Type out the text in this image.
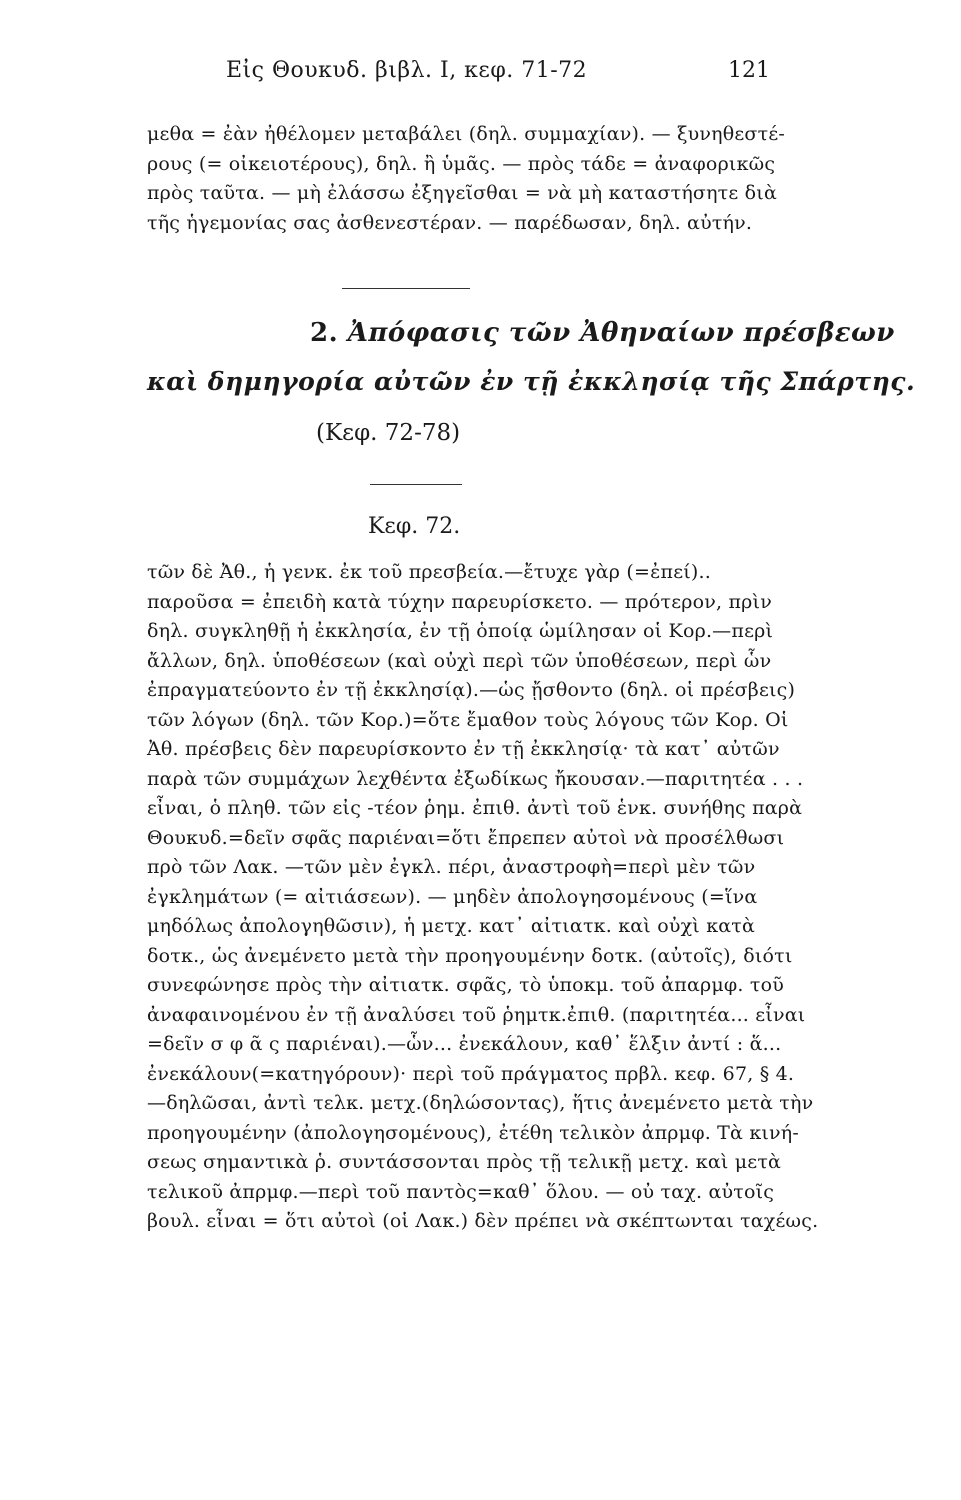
Εἰς Θουκυδ. βιβλ. I, κεφ. 71-72	121
μεθα = ἐὰν ἠθέλομεν μεταβάλει (δηλ. συμμαχίαν). — ξυνηθεστέ-
ρους (= οἰκειοτέρους), δηλ. ἢ ὑμᾶς. — πρὸς τάδε = ἀναφορικῶς
πρὸς ταῦτα. — μὴ ἐλάσσω ἐξηγεῖσθαι = νὰ μὴ καταστήσητε διὰ
τῆς ἡγεμονίας σας ἀσθενεστέραν. — παρέδωσαν, δηλ. αὐτήν.
2. Ἀπόφασις τῶν Ἀθηναίων πρέσβεων
καὶ δημηγορία αὐτῶν ἐν τῇ ἐκκλησίᾳ τῆς Σπάρτης.
(Κεφ. 72-78)
Κεφ. 72.
τῶν δὲ Ἀθ., ἡ γενκ. ἐκ τοῦ πρεσβεία.—ἔτυχε γὰρ (=ἐπεί)..
παροῦσα = ἐπειδὴ κατὰ τύχην παρευρίσκετο. — πρότερον, πρὶν
δηλ. συγκληθῇ ἡ ἐκκλησία, ἐν τῇ ὁποίᾳ ὡμίλησαν οἱ Κορ.—περὶ
ἄλλων, δηλ. ὑποθέσεων (καὶ οὐχὶ περὶ τῶν ὑποθέσεων, περὶ ὧν
ἐπραγματεύοντο ἐν τῇ ἐκκλησίᾳ).—ὡς ᾔσθοντο (δηλ. οἱ πρέσβεις)
τῶν λόγων (δηλ. τῶν Κορ.)=ὅτε ἔμαθον τοὺς λόγους τῶν Κορ. Οἱ
Ἀθ. πρέσβεις δὲν παρευρίσκοντο ἐν τῇ ἐκκλησίᾳ· τὰ κατ᾽ αὐτῶν
παρὰ τῶν συμμάχων λεχθέντα ἐξωδίκως ἤκουσαν.—παριτητέα . . .
εἶναι, ὁ πληθ. τῶν εἰς -τέον ῥημ. ἐπιθ. ἀντὶ τοῦ ἑνκ. συνήθης παρὰ
Θουκυδ.=δεῖν σφᾶς παριέναι=ὅτι ἔπρεπεν αὐτοὶ νὰ προσέλθωσι
πρὸ τῶν Λακ. —τῶν μὲν ἐγκλ. πέρι, ἀναστροφὴ=περὶ μὲν τῶν
ἐγκλημάτων (= αἰτιάσεων). — μηδὲν ἀπολογησομένους (=ἵνα
μηδόλως ἀπολογηθῶσιν), ἡ μετχ. κατ᾽ αἰτιατκ. καὶ οὐχὶ κατὰ
δοτκ., ὡς ἀνεμένετο μετὰ τὴν προηγουμένην δοτκ. (αὐτοῖς), διότι
συνεφώνησε πρὸς τὴν αἰτιατκ. σφᾶς, τὸ ὑποκμ. τοῦ ἀπαρμφ. τοῦ
ἀναφαινομένου ἐν τῇ ἀναλύσει τοῦ ῥημτκ.ἐπιθ. (παριτητέα... εἶναι
=δεῖν σ φ ᾶ ς παριέναι).—ὧν... ἐνεκάλουν, καθ᾽ ἕλξιν ἀντί : ἅ...
ἐνεκάλουν(=κατηγόρουν)· περὶ τοῦ πράγματος πρβλ. κεφ. 67, § 4.
—δηλῶσαι, ἀντὶ τελκ. μετχ.(δηλώσοντας), ἥτις ἀνεμένετο μετὰ τὴν
προηγουμένην (ἀπολογησομένους), ἐτέθη τελικὸν ἀπρμφ. Τὰ κινή-
σεως σημαντικὰ ῥ. συντάσσονται πρὸς τῇ τελικῇ μετχ. καὶ μετὰ
τελικοῦ ἀπρμφ.—περὶ τοῦ παντὸς=καθ᾽ ὅλου. — οὐ ταχ. αὐτοῖς
βουλ. εἶναι = ὅτι αὐτοὶ (οἱ Λακ.) δὲν πρέπει νὰ σκέπτωνται ταχέως.
